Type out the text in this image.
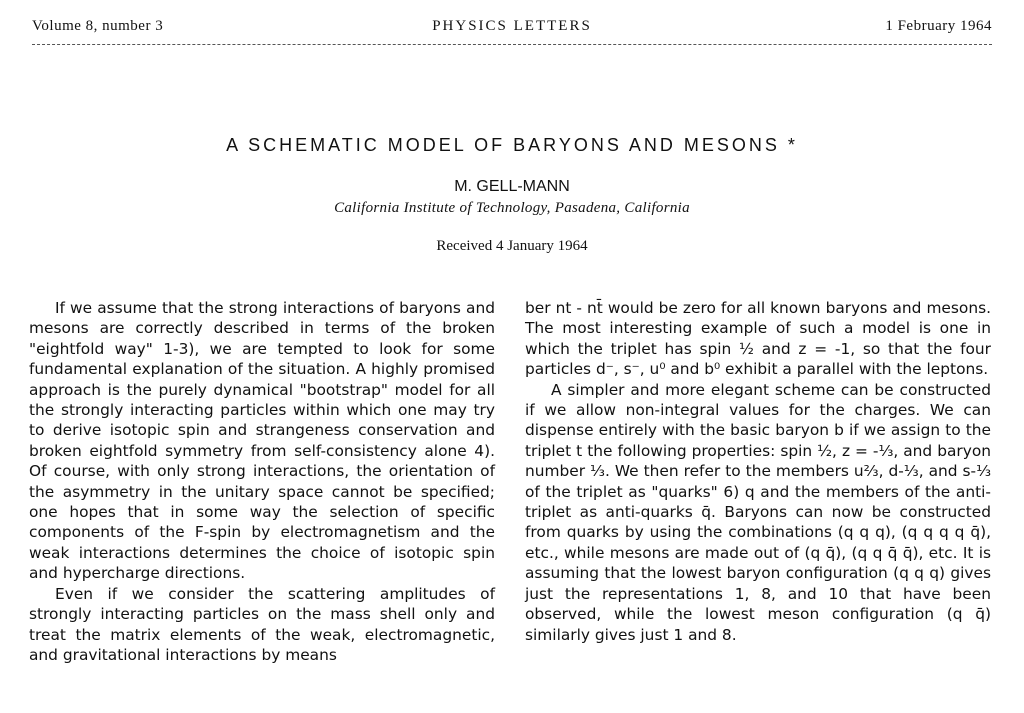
Volume 8, number 3	PHYSICS LETTERS	1 February 1964
A SCHEMATIC MODEL OF BARYONS AND MESONS *
M. GELL-MANN
California Institute of Technology, Pasadena, California
Received 4 January 1964

If we assume that the strong interactions of baryons and mesons are correctly described in terms of the broken "eightfold way" 1-3), we are tempted to look for some fundamental explanation of the situation. A highly promised approach is the purely dynamical "bootstrap" model for all the strongly interacting particles within which one may try to derive isotopic spin and strangeness conservation and broken eightfold symmetry from self-consistency alone 4). Of course, with only strong interactions, the orientation of the asymmetry in the unitary space cannot be specified; one hopes that in some way the selection of specific components of the F-spin by electromagnetism and the weak interactions determines the choice of isotopic spin and hypercharge directions.

Even if we consider the scattering amplitudes of strongly interacting particles on the mass shell only and treat the matrix elements of the weak, electromagnetic, and gravitational interactions by means

ber nt - nt̄ would be zero for all known baryons and mesons. The most interesting example of such a model is one in which the triplet has spin ½ and z = -1, so that the four particles d⁻, s⁻, u⁰ and b⁰ exhibit a parallel with the leptons.

A simpler and more elegant scheme can be constructed if we allow non-integral values for the charges. We can dispense entirely with the basic baryon b if we assign to the triplet t the following properties: spin ½, z = -⅓, and baryon number ⅓. We then refer to the members u⅔, d-⅓, and s-⅓ of the triplet as "quarks" 6) q and the members of the anti-triplet as anti-quarks q̄. Baryons can now be constructed from quarks by using the combinations (q q q), (q q q q q̄), etc., while mesons are made out of (q q̄), (q q q̄ q̄), etc. It is assuming that the lowest baryon configuration (q q q) gives just the representations 1, 8, and 10 that have been observed, while the lowest meson configuration (q q̄) similarly gives just 1 and 8.
